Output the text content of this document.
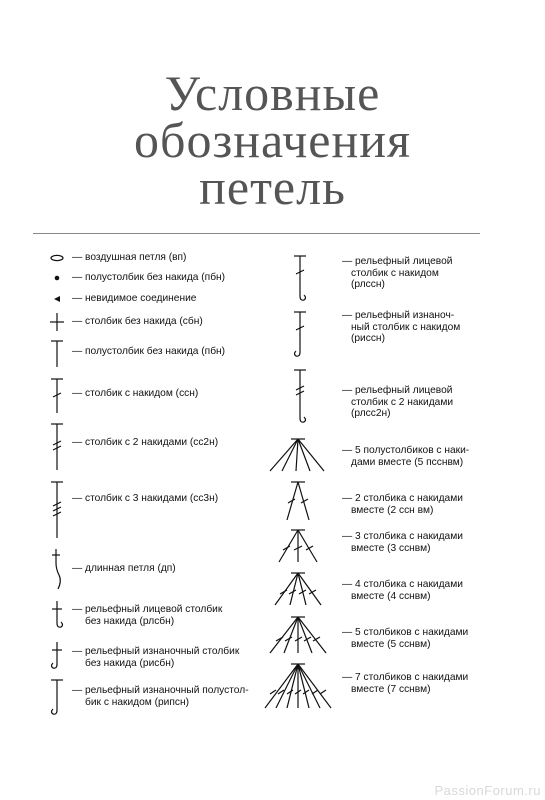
Условные
обозначения
петель
— воздушная петля (вп)
— полустолбик без накида (пбн)
— невидимое соединение
— столбик без накида (сбн)
— полустолбик без накида (пбн)
— столбик с накидом (ссн)
— столбик с 2 накидами (сс2н)
— столбик с 3 накидами (сс3н)
— длинная петля (дп)
— рельефный лицевой столбик
без накида (рлсбн)
— рельефный изнаночный столбик
без накида (рисбн)
— рельефный изнаночный полустол-
бик с накидом (рипсн)
— рельефный лицевой
столбик с накидом
(рлссн)
— рельефный изнаноч-
ный столбик с накидом
(риссн)
— рельефный лицевой
столбик с 2 накидами
(рлсс2н)
— 5 полустолбиков с наки-
дами вместе (5 псснвм)
— 2 столбика с накидами
вместе (2 ссн вм)
— 3 столбика с накидами
вместе (3 сснвм)
— 4 столбика с накидами
вместе (4 сснвм)
— 5 столбиков с накидами
вместе (5 сснвм)
— 7 столбиков с накидами
вместе (7 сснвм)
PassionForum.ru
